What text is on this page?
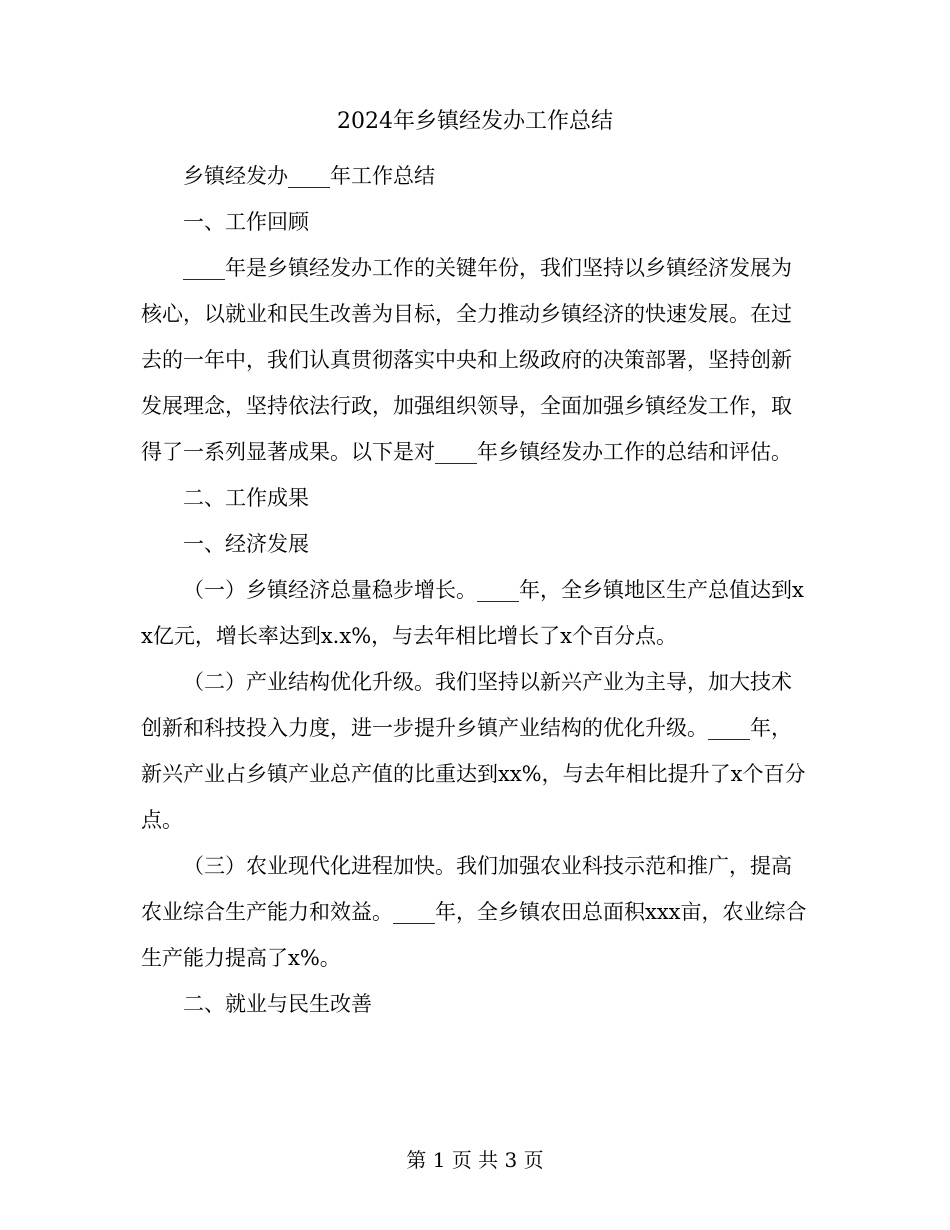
2024年乡镇经发办工作总结

乡镇经发办____年工作总结

一、工作回顾

____年是乡镇经发办工作的关键年份，我们坚持以乡镇经济发展为核心，以就业和民生改善为目标，全力推动乡镇经济的快速发展。在过去的一年中，我们认真贯彻落实中央和上级政府的决策部署，坚持创新发展理念，坚持依法行政，加强组织领导，全面加强乡镇经发工作，取得了一系列显著成果。以下是对____年乡镇经发办工作的总结和评估。

二、工作成果

一、经济发展

（一）乡镇经济总量稳步增长。____年，全乡镇地区生产总值达到xx亿元，增长率达到x.x%，与去年相比增长了x个百分点。

（二）产业结构优化升级。我们坚持以新兴产业为主导，加大技术创新和科技投入力度，进一步提升乡镇产业结构的优化升级。____年，新兴产业占乡镇产业总产值的比重达到xx%，与去年相比提升了x个百分点。

（三）农业现代化进程加快。我们加强农业科技示范和推广，提高农业综合生产能力和效益。____年，全乡镇农田总面积xxx亩，农业综合生产能力提高了x%。

二、就业与民生改善

第 1 页 共 3 页
